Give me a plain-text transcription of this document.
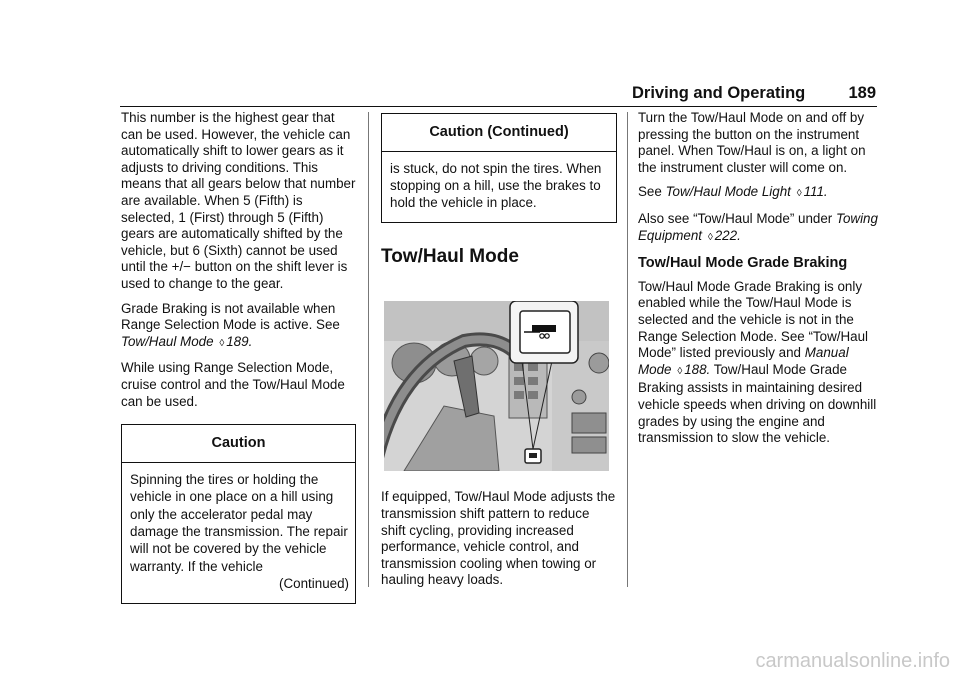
Driving and Operating	189

This number is the highest gear that can be used. However, the vehicle can automatically shift to lower gears as it adjusts to driving conditions. This means that all gears below that number are available. When 5 (Fifth) is selected, 1 (First) through 5 (Fifth) gears are automatically shifted by the vehicle, but 6 (Sixth) cannot be used until the +/− button on the shift lever is used to change to the gear.

Grade Braking is not available when Range Selection Mode is active. See Tow/Haul Mode ◊ 189.

While using Range Selection Mode, cruise control and the Tow/Haul Mode can be used.

Caution
Spinning the tires or holding the vehicle in one place on a hill using only the accelerator pedal may damage the transmission. The repair will not be covered by the vehicle warranty. If the vehicle
(Continued)
Caution (Continued)
is stuck, do not spin the tires. When stopping on a hill, use the brakes to hold the vehicle in place.
Tow/Haul Mode

If equipped, Tow/Haul Mode adjusts the transmission shift pattern to reduce shift cycling, providing increased performance, vehicle control, and transmission cooling when towing or hauling heavy loads.

Turn the Tow/Haul Mode on and off by pressing the button on the instrument panel. When Tow/Haul is on, a light on the instrument cluster will come on.

See Tow/Haul Mode Light ◊ 111.

Also see “Tow/Haul Mode” under Towing Equipment ◊ 222.

Tow/Haul Mode Grade Braking

Tow/Haul Mode Grade Braking is only enabled while the Tow/Haul Mode is selected and the vehicle is not in the Range Selection Mode. See “Tow/Haul Mode” listed previously and Manual Mode ◊ 188. Tow/Haul Mode Grade Braking assists in maintaining desired vehicle speeds when driving on downhill grades by using the engine and transmission to slow the vehicle.

carmanualsonline.info
